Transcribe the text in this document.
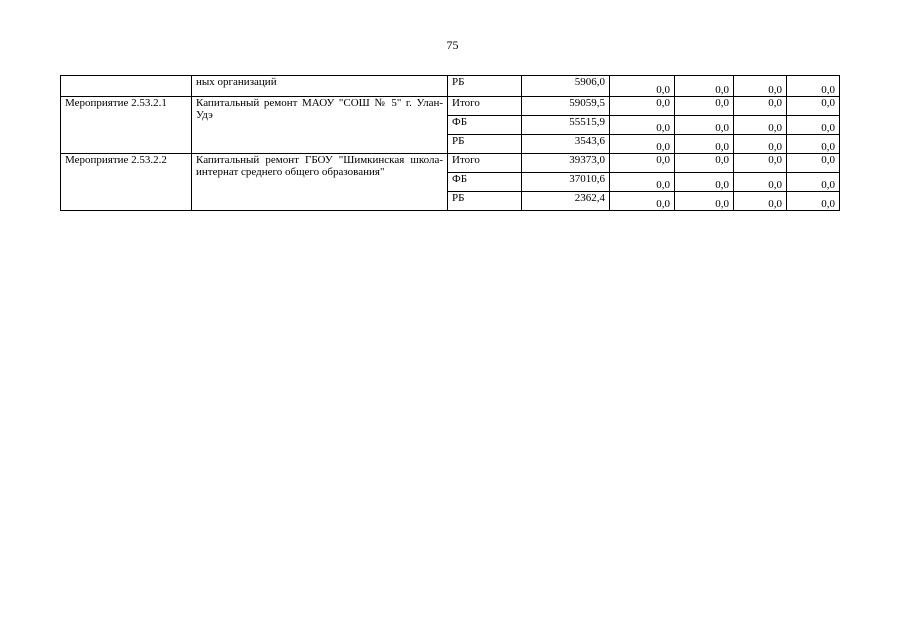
75
	ных организаций	РБ	5906,0	0,0	0,0	0,0	0,0
Мероприятие 2.53.2.1	Капитальный ремонт МАОУ "СОШ № 5" г. Улан-Удэ	Итого	59059,5	0,0	0,0	0,0	0,0
		ФБ	55515,9	0,0	0,0	0,0	0,0
		РБ	3543,6	0,0	0,0	0,0	0,0
Мероприятие 2.53.2.2	Капитальный ремонт ГБОУ "Шимкинская школа-интернат среднего общего образования"	Итого	39373,0	0,0	0,0	0,0	0,0
		ФБ	37010,6	0,0	0,0	0,0	0,0
		РБ	2362,4	0,0	0,0	0,0	0,0
